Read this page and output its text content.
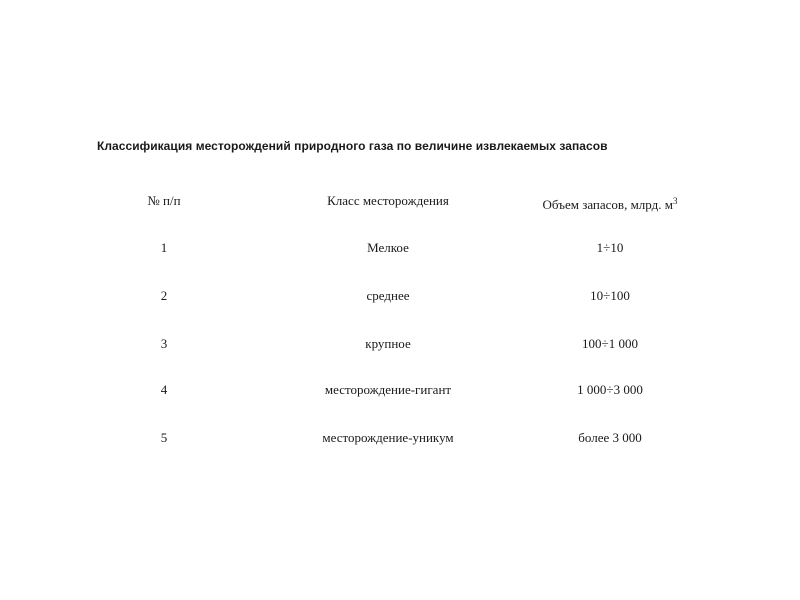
Классификация месторождений природного газа по величине извлекаемых запасов
№ п/п	Класс месторождения	Объем запасов, млрд. $м^3$
1	Мелкое	1÷10
2	среднее	10÷100
3	крупное	100÷1 000
4	месторождение-гигант	1 000÷3 000
5	месторождение-уникум	более 3 000
